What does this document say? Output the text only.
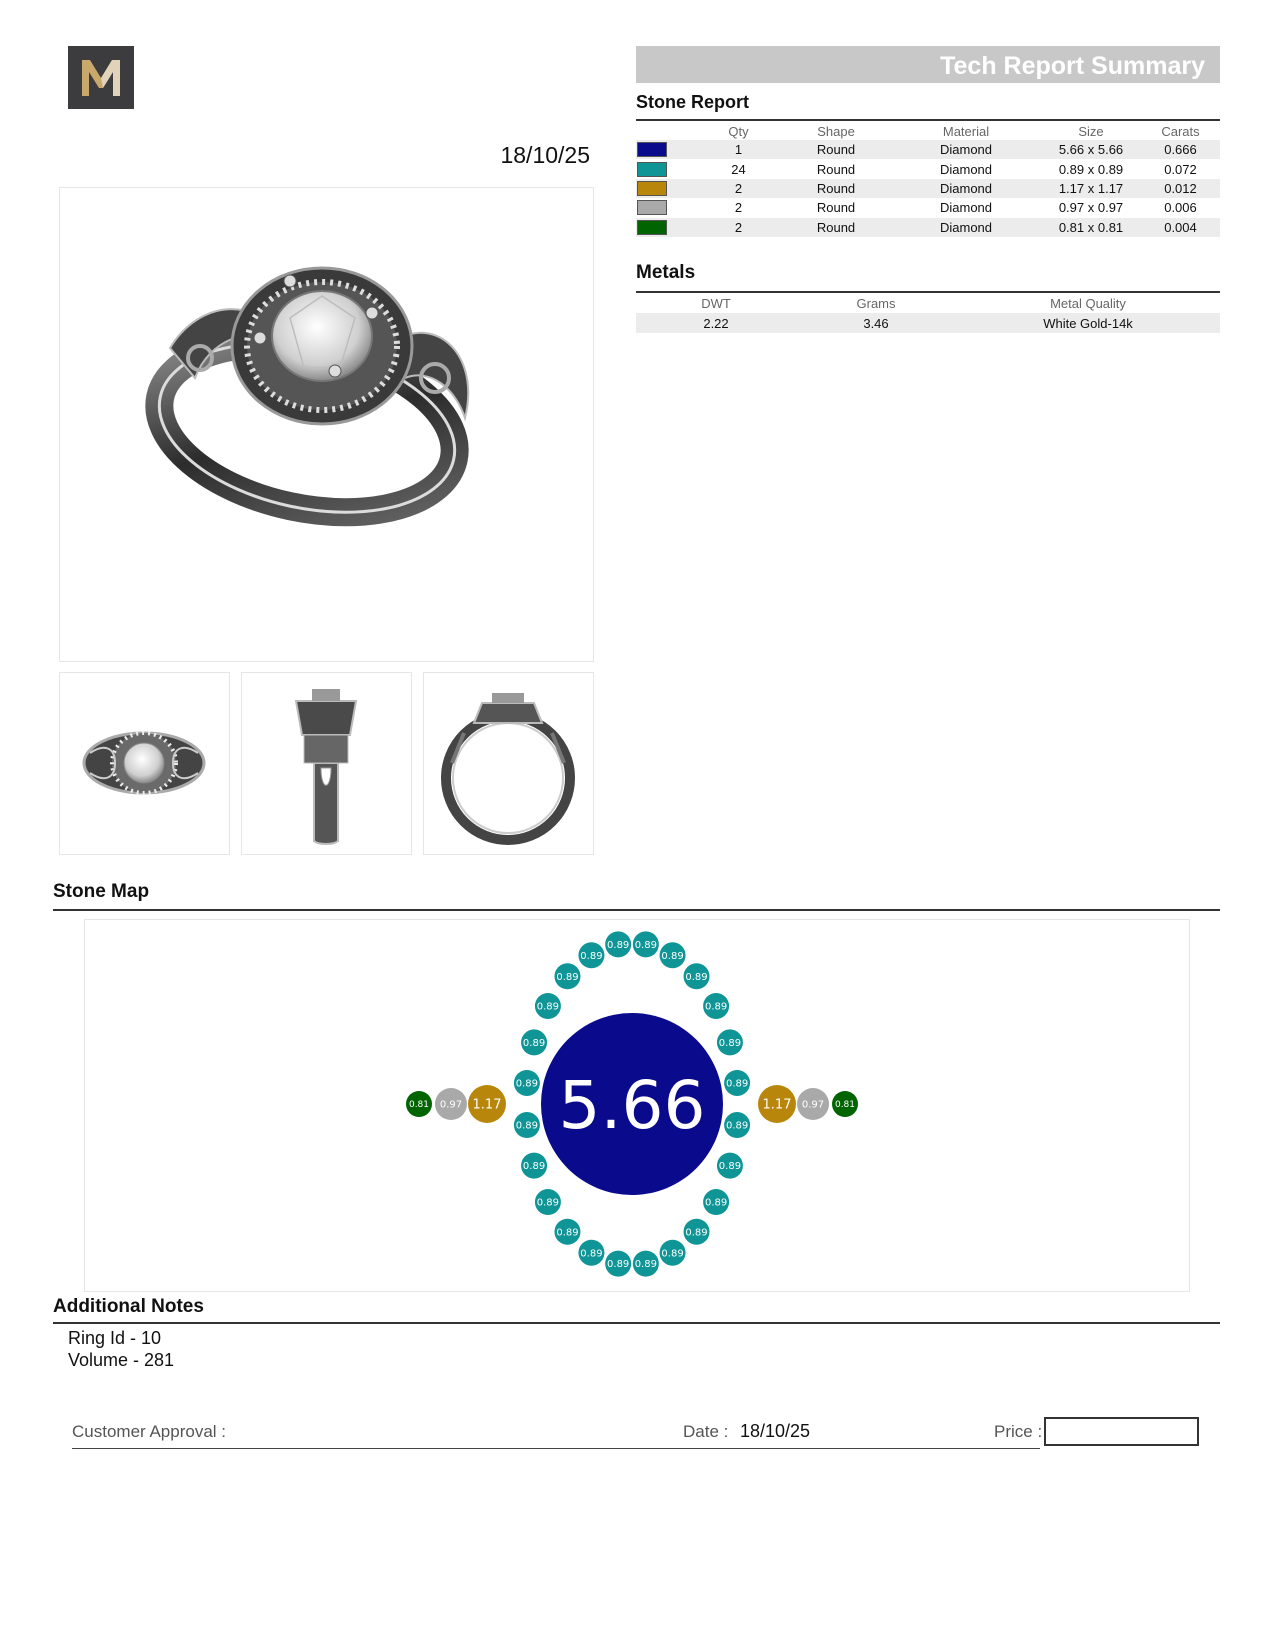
Tech Report Summary
18/10/25
Stone Report
	Qty	Shape	Material	Size	Carats

	1	Round	Diamond	5.66 x 5.66	0.666

	24	Round	Diamond	0.89 x 0.89	0.072

	2	Round	Diamond	1.17 x 1.17	0.012

	2	Round	Diamond	0.97 x 0.97	0.006

	2	Round	Diamond	0.81 x 0.81	0.004
Metals
DWT	Grams	Metal Quality
2.22	3.46	White Gold-14k
Stone Map
0.89
0.89
0.89
0.89
0.89
0.89
0.89
0.89
0.89
0.89
0.89
0.89
0.89
0.89
0.89
0.89
0.89
0.89
0.89
0.89
0.89
0.89
0.89
0.89
5.66
1.17	1.17
0.97	0.97
0.81	0.81
Additional Notes
Ring Id - 10
Volume - 281
Customer Approval :	Date : 18/10/25	Price :
